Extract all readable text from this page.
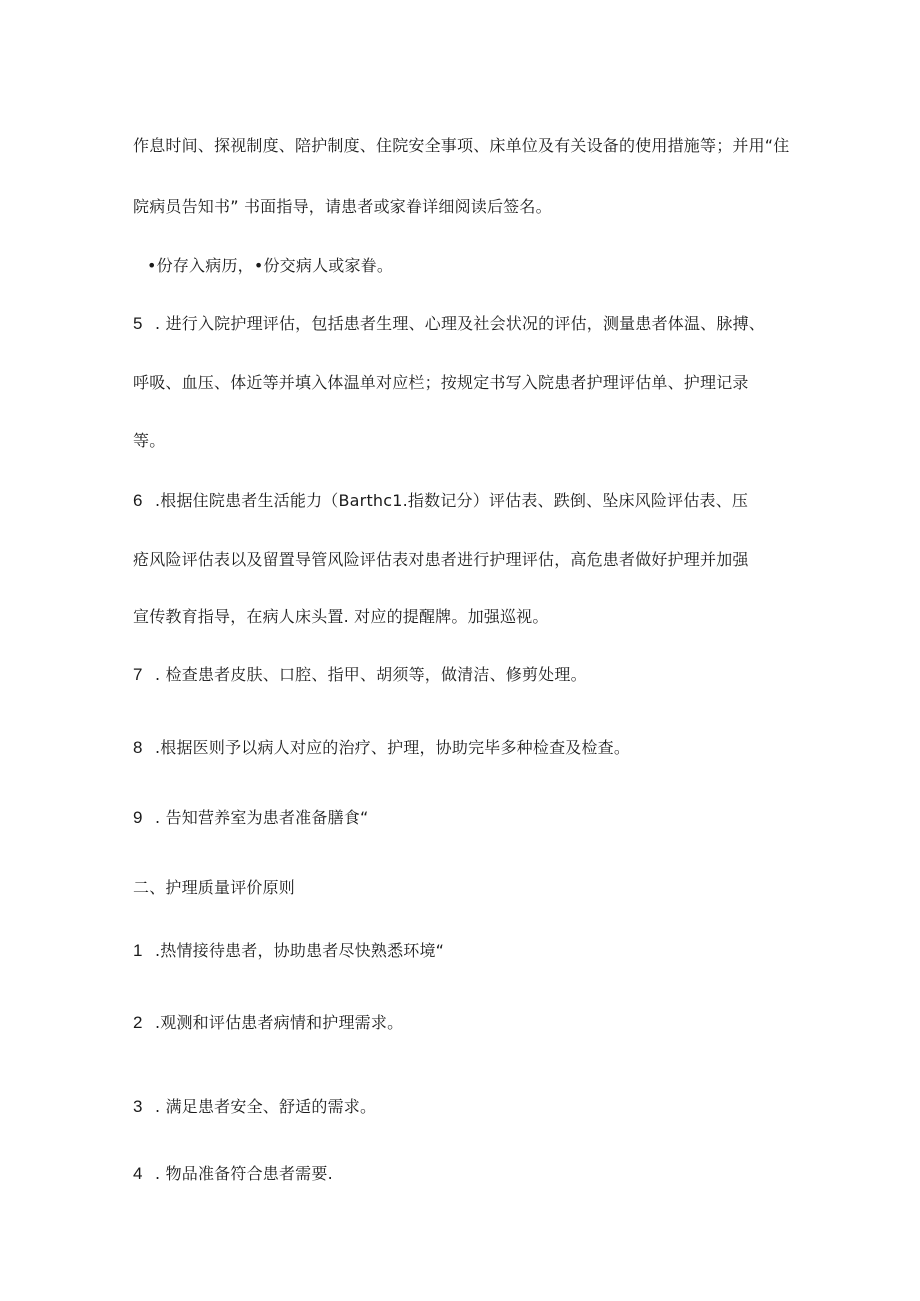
作息时间、探视制度、陪护制度、住院安全事项、床单位及有关设备的使用措施等；并用“住
院病员告知书” 书面指导，请患者或家眷详细阅读后签名。
•份存入病历，•份交病人或家眷。
5 . 进行入院护理评估，包括患者生理、心理及社会状况的评估，测量患者体温、脉搏、
呼吸、血压、体近等并填入体温单对应栏；按规定书写入院患者护理评估单、护理记录
等。
6 .根据住院患者生活能力（Barthc1.指数记分）评估表、跌倒、坠床风险评估表、压
疮风险评估表以及留置导管风险评估表对患者进行护理评估，高危患者做好护理并加强
宣传教育指导，在病人床头置. 对应的提醒牌。加强巡视。
7 . 检查患者皮肤、口腔、指甲、胡须等，做清洁、修剪处理。
8 .根据医则予以病人对应的治疗、护理，协助完毕多种检查及检查。
9 . 告知营养室为患者准备膳食“
二、护理质量评价原则
1 .热情接待患者，协助患者尽快熟悉环境“
2 .观测和评估患者病情和护理需求。
3 . 满足患者安全、舒适的需求。
4 . 物品准备符合患者需要.
